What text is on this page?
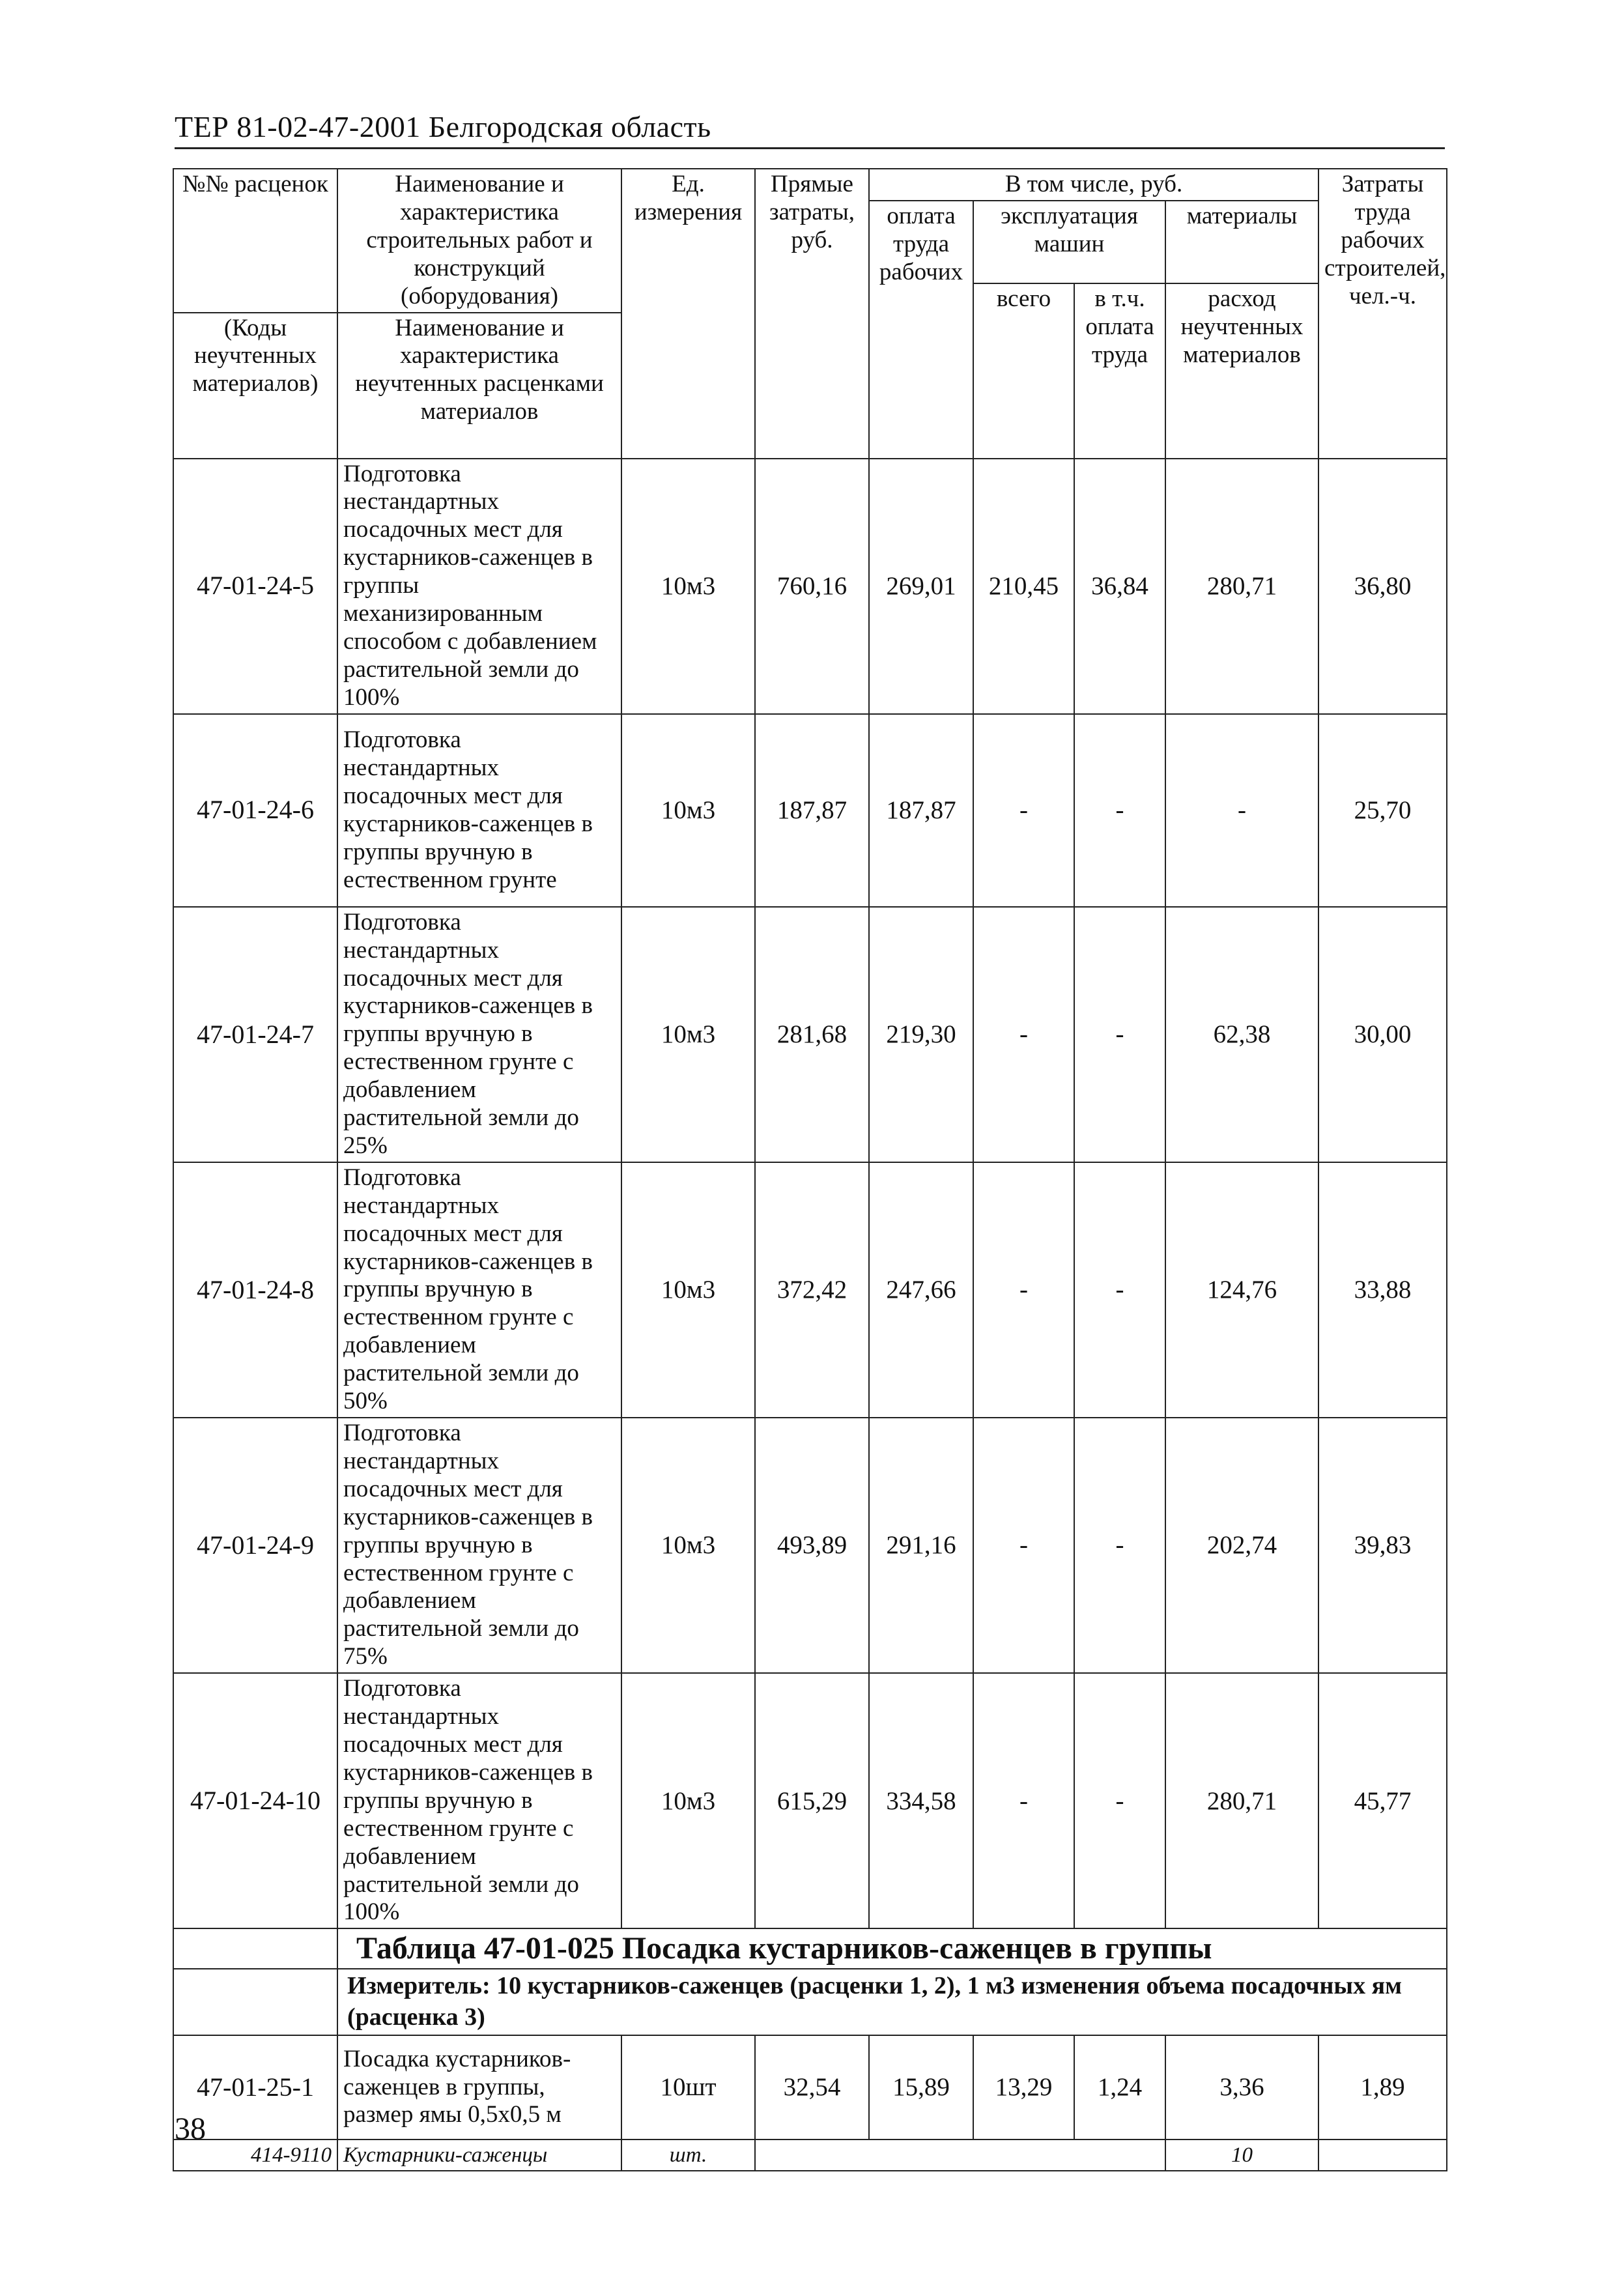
ТЕР 81-02-47-2001 Белгородская область
№№ расценок	Наименование и характеристика строительных работ и конструкций (оборудования)	Ед. измерения	Прямые затраты, руб.	В том числе, руб.				Затраты труда рабочих строителей, чел.-ч.
				оплата труда рабочих	эксплуатация машин		материалы	
					всего	в т.ч. оплата труда	расход неучтенных материалов	
(Коды неучтенных материалов)	Наименование и характеристика неучтенных расценками материалов							

47-01-24-5	Подготовка нестандартных посадочных мест для кустарников-саженцев в группы механизированным способом с добавлением растительной земли до 100%	10м3	760,16	269,01	210,45	36,84	280,71	36,80
47-01-24-6	Подготовка нестандартных посадочных мест для кустарников-саженцев в группы вручную в естественном грунте	10м3	187,87	187,87	-	-	-	25,70
47-01-24-7	Подготовка нестандартных посадочных мест для кустарников-саженцев в группы вручную в естественном грунте с добавлением растительной земли до 25%	10м3	281,68	219,30	-	-	62,38	30,00
47-01-24-8	Подготовка нестандартных посадочных мест для кустарников-саженцев в группы вручную в естественном грунте с добавлением растительной земли до 50%	10м3	372,42	247,66	-	-	124,76	33,88
47-01-24-9	Подготовка нестандартных посадочных мест для кустарников-саженцев в группы вручную в естественном грунте с добавлением растительной земли до 75%	10м3	493,89	291,16	-	-	202,74	39,83
47-01-24-10	Подготовка нестандартных посадочных мест для кустарников-саженцев в группы вручную в естественном грунте с добавлением растительной земли до 100%	10м3	615,29	334,58	-	-	280,71	45,77
	Таблица 47-01-025 Посадка кустарников-саженцев в группы							
	Измеритель: 10 кустарников-саженцев (расценки 1, 2), 1 м3 изменения объема посадочных ям (расценка 3)							
47-01-25-1	Посадка кустарников-саженцев в группы, размер ямы 0,5х0,5 м	10шт	32,54	15,89	13,29	1,24	3,36	1,89
414-9110	Кустарники-саженцы	шт.					10	
38
